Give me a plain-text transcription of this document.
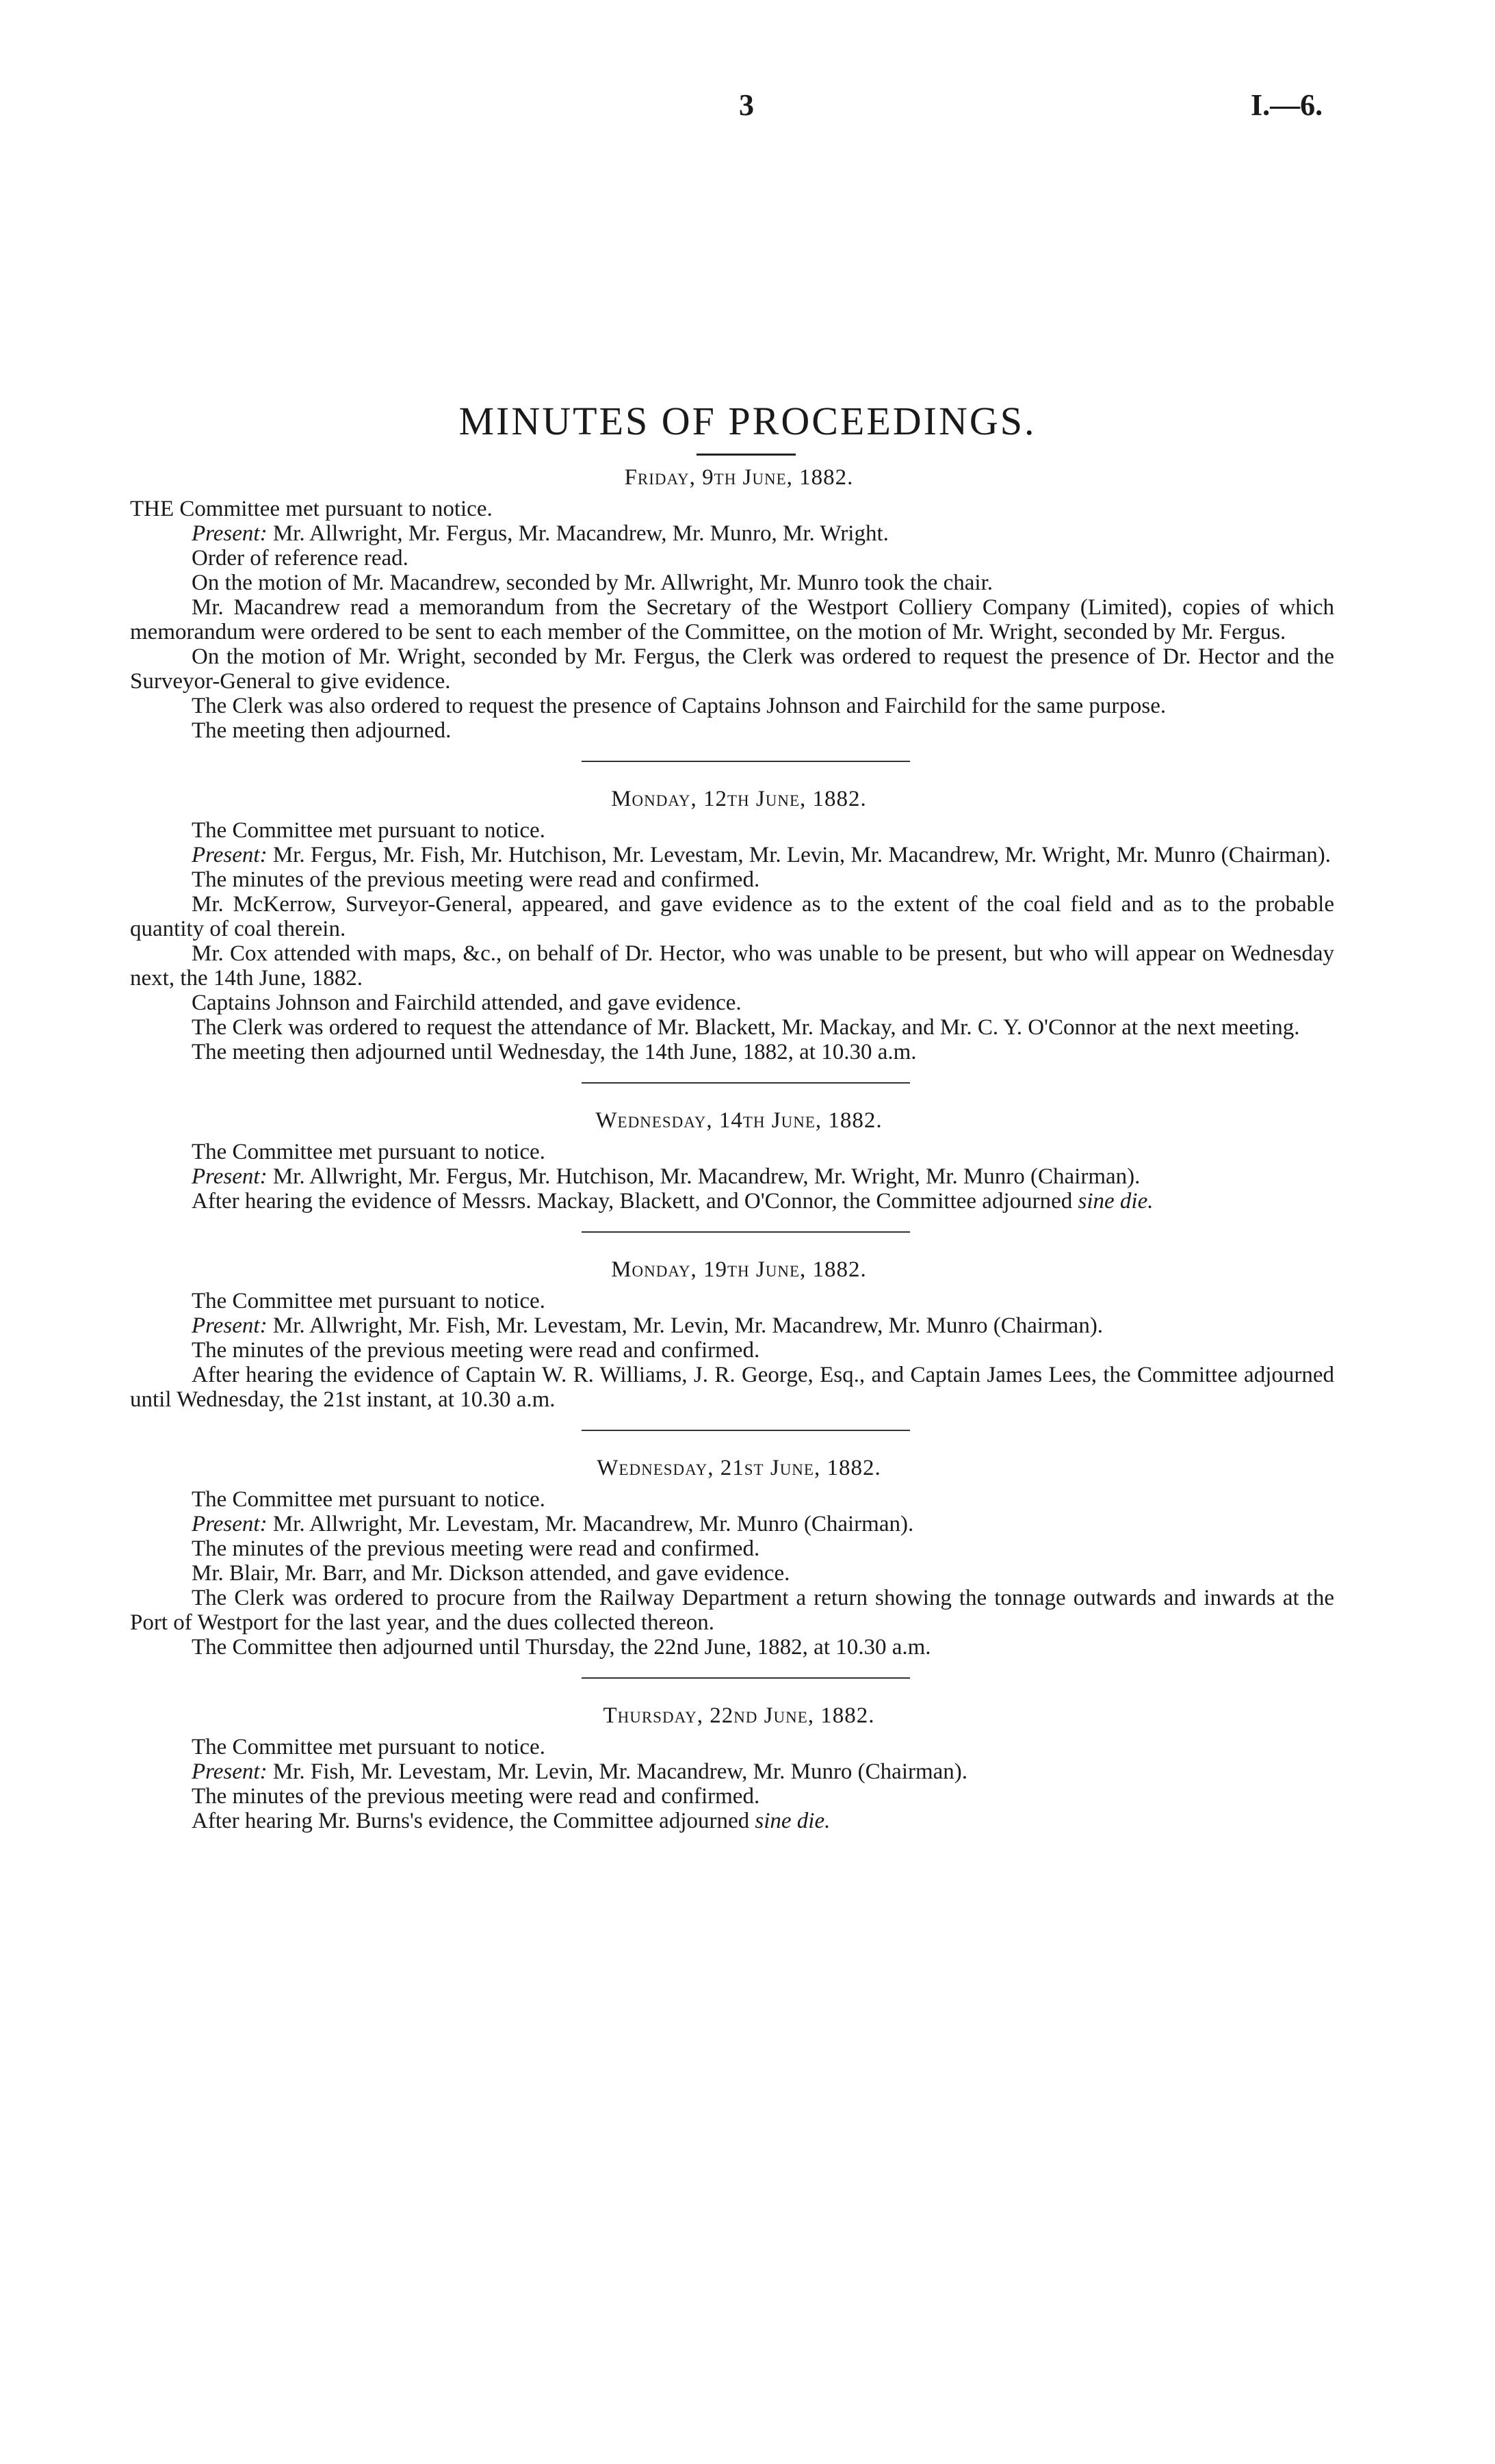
3	I.—6.
MINUTES OF PROCEEDINGS.
Friday, 9th June, 1882.

THE Committee met pursuant to notice.

Present: Mr. Allwright, Mr. Fergus, Mr. Macandrew, Mr. Munro, Mr. Wright.

Order of reference read.

On the motion of Mr. Macandrew, seconded by Mr. Allwright, Mr. Munro took the chair.

Mr. Macandrew read a memorandum from the Secretary of the Westport Colliery Company (Limited), copies of which memorandum were ordered to be sent to each member of the Committee, on the motion of Mr. Wright, seconded by Mr. Fergus.

On the motion of Mr. Wright, seconded by Mr. Fergus, the Clerk was ordered to request the presence of Dr. Hector and the Surveyor-General to give evidence.

The Clerk was also ordered to request the presence of Captains Johnson and Fairchild for the same purpose.

The meeting then adjourned.

Monday, 12th June, 1882.

The Committee met pursuant to notice.

Present: Mr. Fergus, Mr. Fish, Mr. Hutchison, Mr. Levestam, Mr. Levin, Mr. Macandrew, Mr. Wright, Mr. Munro (Chairman).

The minutes of the previous meeting were read and confirmed.

Mr. McKerrow, Surveyor-General, appeared, and gave evidence as to the extent of the coal field and as to the probable quantity of coal therein.

Mr. Cox attended with maps, &c., on behalf of Dr. Hector, who was unable to be present, but who will appear on Wednesday next, the 14th June, 1882.

Captains Johnson and Fairchild attended, and gave evidence.

The Clerk was ordered to request the attendance of Mr. Blackett, Mr. Mackay, and Mr. C. Y. O'Connor at the next meeting.

The meeting then adjourned until Wednesday, the 14th June, 1882, at 10.30 a.m.

Wednesday, 14th June, 1882.

The Committee met pursuant to notice.

Present: Mr. Allwright, Mr. Fergus, Mr. Hutchison, Mr. Macandrew, Mr. Wright, Mr. Munro (Chairman).

After hearing the evidence of Messrs. Mackay, Blackett, and O'Connor, the Committee adjourned sine die.

Monday, 19th June, 1882.

The Committee met pursuant to notice.

Present: Mr. Allwright, Mr. Fish, Mr. Levestam, Mr. Levin, Mr. Macandrew, Mr. Munro (Chairman).

The minutes of the previous meeting were read and confirmed.

After hearing the evidence of Captain W. R. Williams, J. R. George, Esq., and Captain James Lees, the Committee adjourned until Wednesday, the 21st instant, at 10.30 a.m.

Wednesday, 21st June, 1882.

The Committee met pursuant to notice.

Present: Mr. Allwright, Mr. Levestam, Mr. Macandrew, Mr. Munro (Chairman).

The minutes of the previous meeting were read and confirmed.

Mr. Blair, Mr. Barr, and Mr. Dickson attended, and gave evidence.

The Clerk was ordered to procure from the Railway Department a return showing the tonnage outwards and inwards at the Port of Westport for the last year, and the dues collected thereon.

The Committee then adjourned until Thursday, the 22nd June, 1882, at 10.30 a.m.

Thursday, 22nd June, 1882.

The Committee met pursuant to notice.

Present: Mr. Fish, Mr. Levestam, Mr. Levin, Mr. Macandrew, Mr. Munro (Chairman).

The minutes of the previous meeting were read and confirmed.

After hearing Mr. Burns's evidence, the Committee adjourned sine die.
